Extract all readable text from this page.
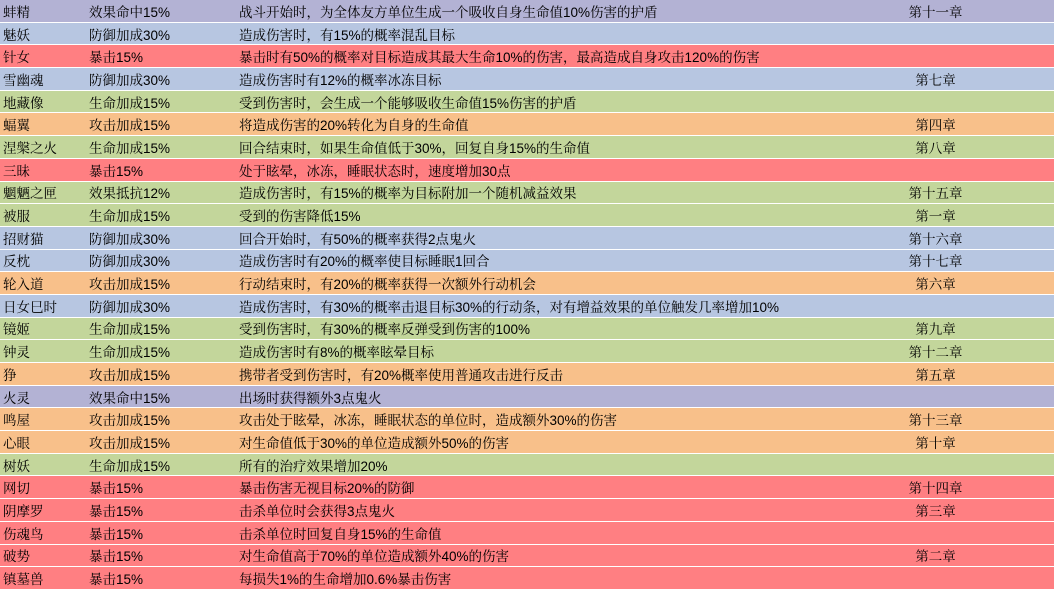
蚌精	效果命中15%	战斗开始时，为全体友方单位生成一个吸收自身生命值10%伤害的护盾	第十一章
魅妖	防御加成30%	造成伤害时，有15%的概率混乱目标	
针女	暴击15%	暴击时有50%的概率对目标造成其最大生命10%的伤害，最高造成自身攻击120%的伤害	
雪幽魂	防御加成30%	造成伤害时有12%的概率冰冻目标	第七章
地藏像	生命加成15%	受到伤害时，会生成一个能够吸收生命值15%伤害的护盾	
蝠翼	攻击加成15%	将造成伤害的20%转化为自身的生命值	第四章
涅槃之火	生命加成15%	回合结束时，如果生命值低于30%，回复自身15%的生命值	第八章
三昧	暴击15%	处于眩晕，冰冻，睡眠状态时，速度增加30点	
魍魉之匣	效果抵抗12%	造成伤害时，有15%的概率为目标附加一个随机减益效果	第十五章
被服	生命加成15%	受到的伤害降低15%	第一章
招财猫	防御加成30%	回合开始时，有50%的概率获得2点鬼火	第十六章
反枕	防御加成30%	造成伤害时有20%的概率使目标睡眠1回合	第十七章
轮入道	攻击加成15%	行动结束时，有20%的概率获得一次额外行动机会	第六章
日女巳时	防御加成30%	造成伤害时，有30%的概率击退目标30%的行动条，对有增益效果的单位触发几率增加10%	
镜姬	生命加成15%	受到伤害时，有30%的概率反弹受到伤害的100%	第九章
钟灵	生命加成15%	造成伤害时有8%的概率眩晕目标	第十二章
狰	攻击加成15%	携带者受到伤害时，有20%概率使用普通攻击进行反击	第五章
火灵	效果命中15%	出场时获得额外3点鬼火	
鸣屋	攻击加成15%	攻击处于眩晕，冰冻，睡眠状态的单位时，造成额外30%的伤害	第十三章
心眼	攻击加成15%	对生命值低于30%的单位造成额外50%的伤害	第十章
树妖	生命加成15%	所有的治疗效果增加20%	
网切	暴击15%	暴击伤害无视目标20%的防御	第十四章
阴摩罗	暴击15%	击杀单位时会获得3点鬼火	第三章
伤魂鸟	暴击15%	击杀单位时回复自身15%的生命值	
破势	暴击15%	对生命值高于70%的单位造成额外40%的伤害	第二章
镇墓兽	暴击15%	每损失1%的生命增加0.6%暴击伤害	
